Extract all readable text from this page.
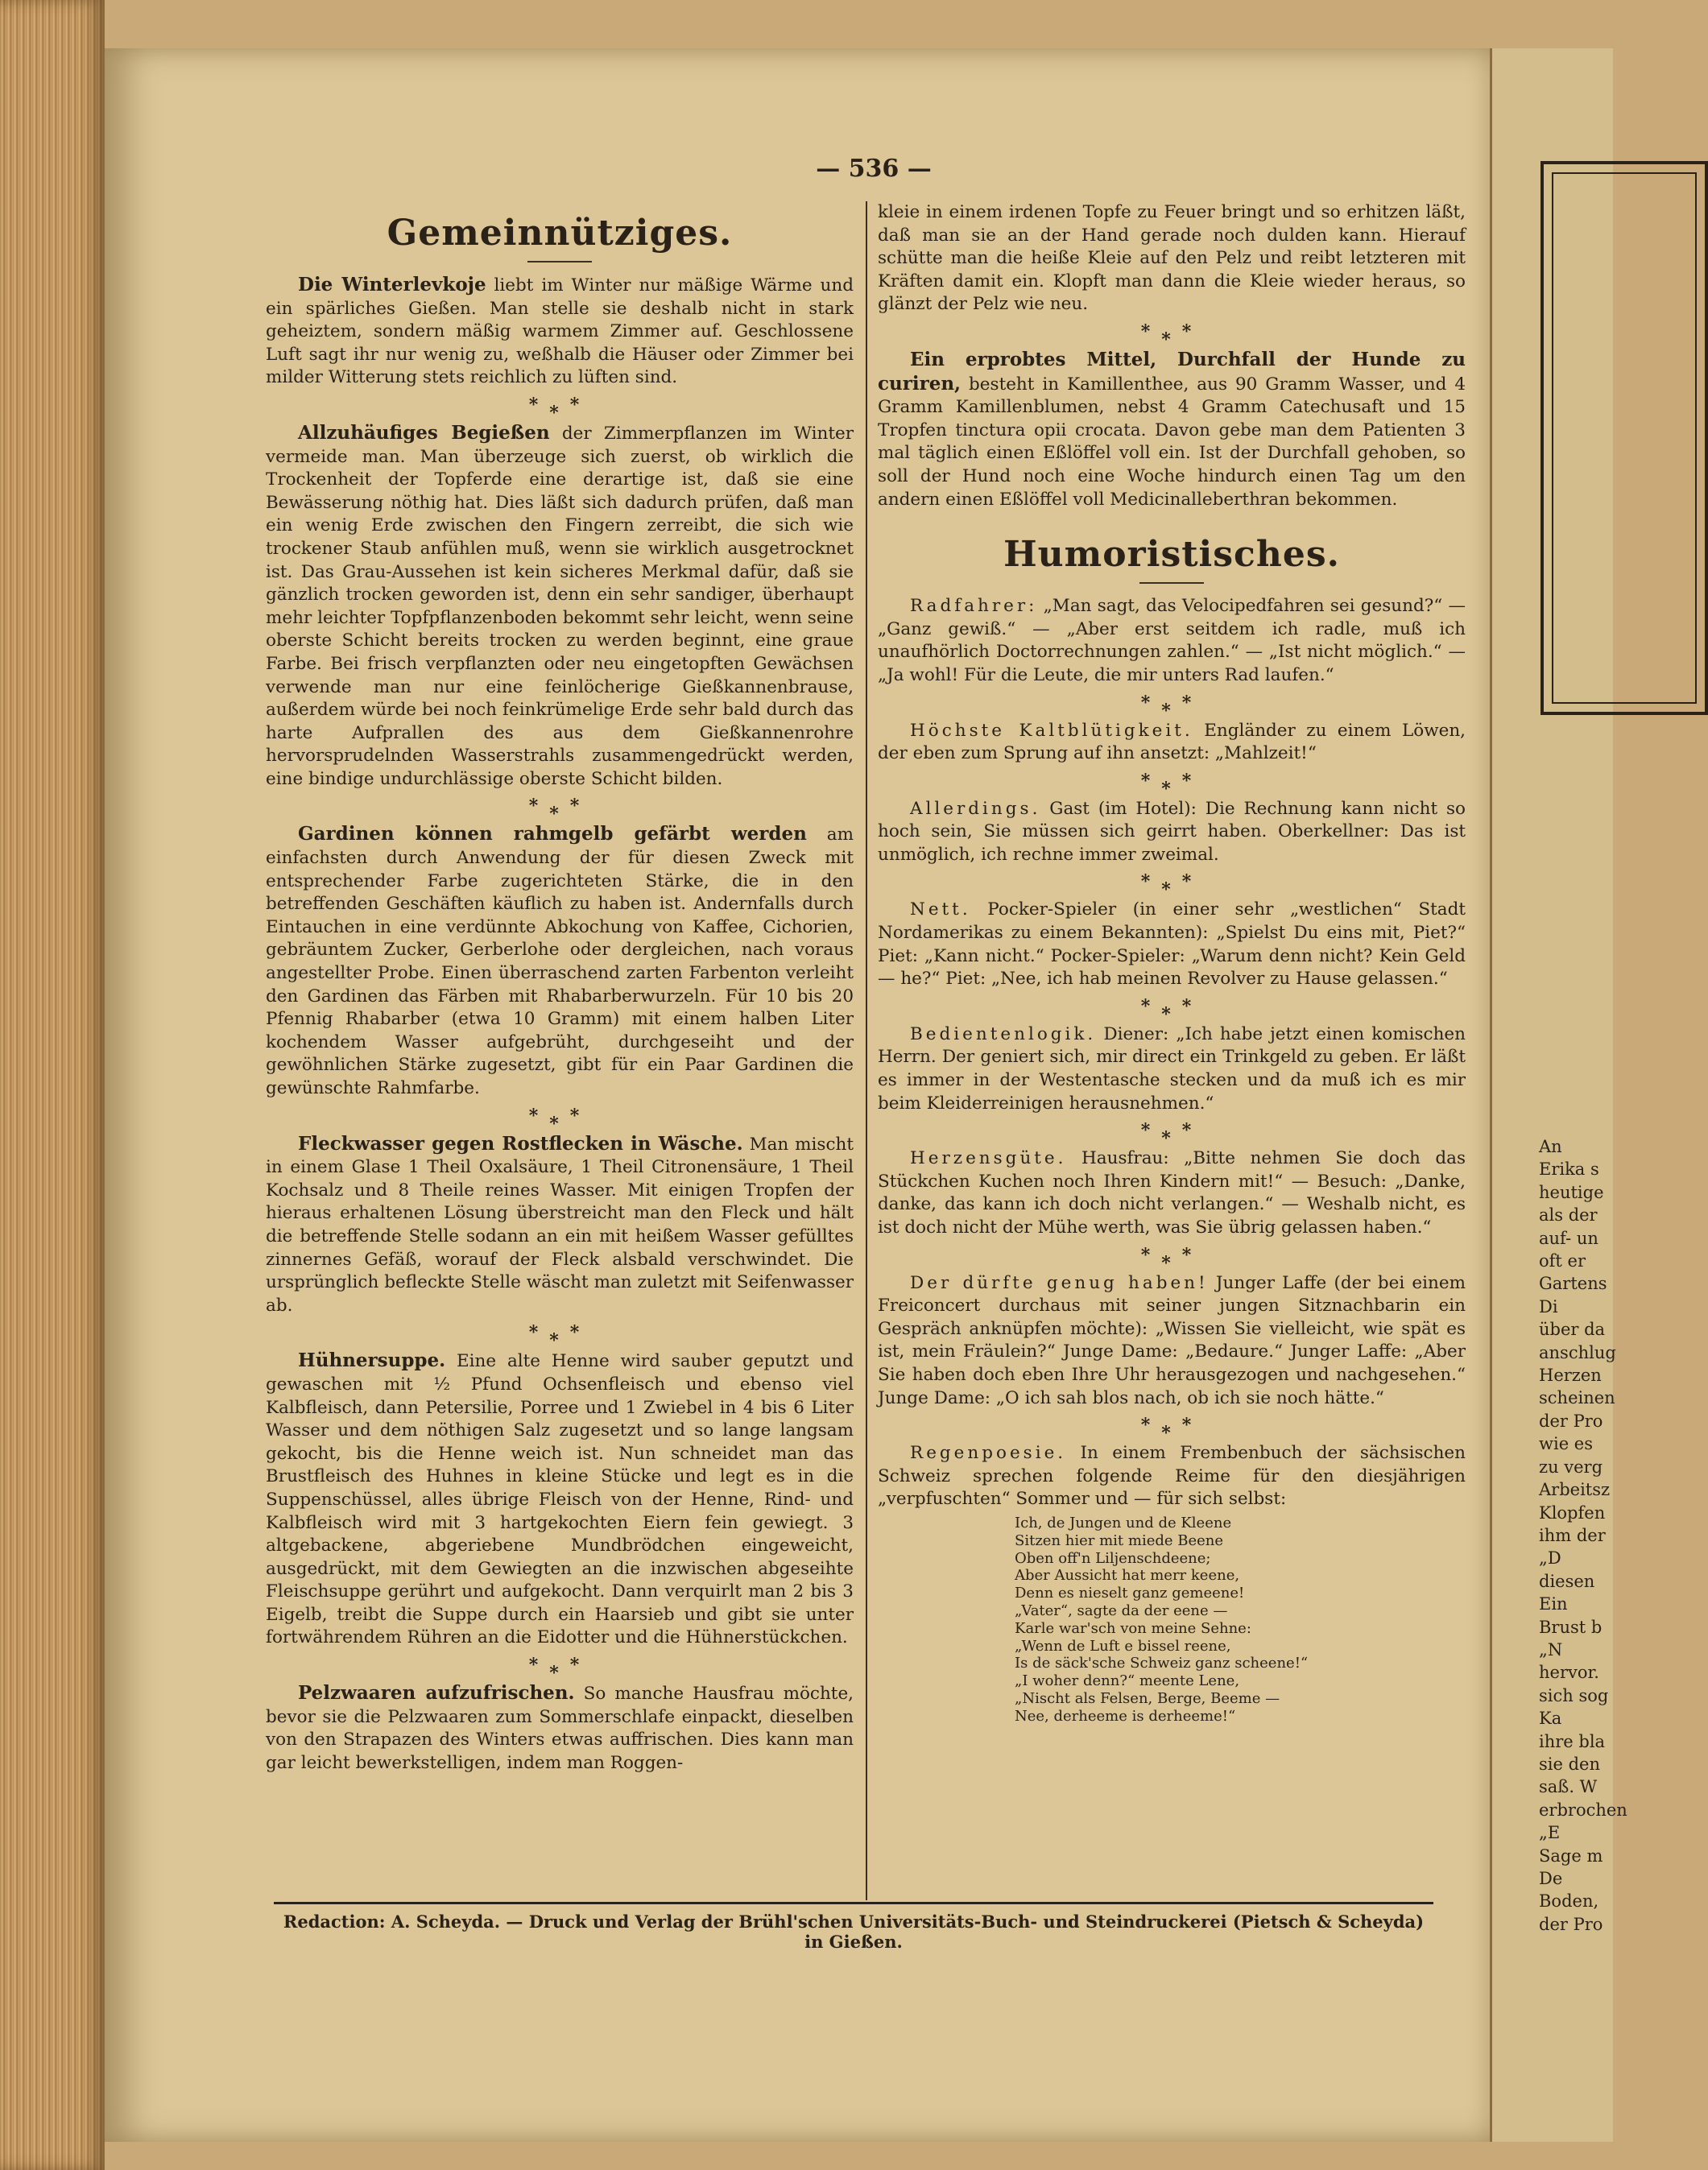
An
Erika s
heutige
als der
auf- un
oft er
Gartens
Di
über da
anschlug
Herzen
scheinen
der Pro
wie es
zu verg
Arbeitsz
Klopfen
ihm der
„D
diesen
Ein
Brust b
„N
hervor.
sich sog
Ka
ihre bla
sie den
saß. W
erbrochen
„E
Sage m
De
Boden,
der Pro
— 536 —
Gemeinnütziges.

Die Winterlevkoje liebt im Winter nur mäßige Wärme und ein spärliches Gießen. Man stelle sie deshalb nicht in stark geheiztem, sondern mäßig warmem Zimmer auf. Geschlossene Luft sagt ihr nur wenig zu, weßhalb die Häuser oder Zimmer bei milder Witterung stets reichlich zu lüften sind.

***

Allzuhäufiges Begießen der Zimmerpflanzen im Winter vermeide man. Man überzeuge sich zuerst, ob wirklich die Trockenheit der Topferde eine derartige ist, daß sie eine Bewässerung nöthig hat. Dies läßt sich dadurch prüfen, daß man ein wenig Erde zwischen den Fingern zerreibt, die sich wie trockener Staub anfühlen muß, wenn sie wirklich ausgetrocknet ist. Das Grau-Aussehen ist kein sicheres Merkmal dafür, daß sie gänzlich trocken geworden ist, denn ein sehr sandiger, überhaupt mehr leichter Topfpflanzenboden bekommt sehr leicht, wenn seine oberste Schicht bereits trocken zu werden beginnt, eine graue Farbe. Bei frisch verpflanzten oder neu eingetopften Gewächsen verwende man nur eine feinlöcherige Gießkannenbrause, außerdem würde bei noch feinkrümelige Erde sehr bald durch das harte Aufprallen des aus dem Gießkannenrohre hervorsprudelnden Wasserstrahls zusammengedrückt werden, eine bindige undurchlässige oberste Schicht bilden.

***

Gardinen können rahmgelb gefärbt werden am einfachsten durch Anwendung der für diesen Zweck mit entsprechender Farbe zugerichteten Stärke, die in den betreffenden Geschäften käuflich zu haben ist. Andernfalls durch Eintauchen in eine verdünnte Abkochung von Kaffee, Cichorien, gebräuntem Zucker, Gerberlohe oder dergleichen, nach voraus angestellter Probe. Einen überraschend zarten Farbenton verleiht den Gardinen das Färben mit Rhabarberwurzeln. Für 10 bis 20 Pfennig Rhabarber (etwa 10 Gramm) mit einem halben Liter kochendem Wasser aufgebrüht, durchgeseiht und der gewöhnlichen Stärke zugesetzt, gibt für ein Paar Gardinen die gewünschte Rahmfarbe.

***

Fleckwasser gegen Rostflecken in Wäsche. Man mischt in einem Glase 1 Theil Oxalsäure, 1 Theil Citronensäure, 1 Theil Kochsalz und 8 Theile reines Wasser. Mit einigen Tropfen der hieraus erhaltenen Lösung überstreicht man den Fleck und hält die betreffende Stelle sodann an ein mit heißem Wasser gefülltes zinnernes Gefäß, worauf der Fleck alsbald verschwindet. Die ursprünglich befleckte Stelle wäscht man zuletzt mit Seifenwasser ab.

***

Hühnersuppe. Eine alte Henne wird sauber geputzt und gewaschen mit ½ Pfund Ochsenfleisch und ebenso viel Kalbfleisch, dann Petersilie, Porree und 1 Zwiebel in 4 bis 6 Liter Wasser und dem nöthigen Salz zugesetzt und so lange langsam gekocht, bis die Henne weich ist. Nun schneidet man das Brustfleisch des Huhnes in kleine Stücke und legt es in die Suppenschüssel, alles übrige Fleisch von der Henne, Rind- und Kalbfleisch wird mit 3 hartgekochten Eiern fein gewiegt. 3 altgebackene, abgeriebene Mundbrödchen eingeweicht, ausgedrückt, mit dem Gewiegten an die inzwischen abgeseihte Fleischsuppe gerührt und aufgekocht. Dann verquirlt man 2 bis 3 Eigelb, treibt die Suppe durch ein Haarsieb und gibt sie unter fortwährendem Rühren an die Eidotter und die Hühnerstückchen.

***

Pelzwaaren aufzufrischen. So manche Hausfrau möchte, bevor sie die Pelzwaaren zum Sommerschlafe einpackt, dieselben von den Strapazen des Winters etwas auffrischen. Dies kann man gar leicht bewerkstelligen, indem man Roggen-

kleie in einem irdenen Topfe zu Feuer bringt und so erhitzen läßt, daß man sie an der Hand gerade noch dulden kann. Hierauf schütte man die heiße Kleie auf den Pelz und reibt letzteren mit Kräften damit ein. Klopft man dann die Kleie wieder heraus, so glänzt der Pelz wie neu.

***

Ein erprobtes Mittel, Durchfall der Hunde zu curiren, besteht in Kamillenthee, aus 90 Gramm Wasser, und 4 Gramm Kamillenblumen, nebst 4 Gramm Catechusaft und 15 Tropfen tinctura opii crocata. Davon gebe man dem Patienten 3 mal täglich einen Eßlöffel voll ein. Ist der Durchfall gehoben, so soll der Hund noch eine Woche hindurch einen Tag um den andern einen Eßlöffel voll Medicinalleberthran bekommen.

Humoristisches.

Radfahrer: „Man sagt, das Velocipedfahren sei gesund?“ — „Ganz gewiß.“ — „Aber erst seitdem ich radle, muß ich unaufhörlich Doctorrechnungen zahlen.“ — „Ist nicht möglich.“ — „Ja wohl! Für die Leute, die mir unters Rad laufen.“

***

Höchste Kaltblütigkeit. Engländer zu einem Löwen, der eben zum Sprung auf ihn ansetzt: „Mahlzeit!“

***

Allerdings. Gast (im Hotel): Die Rechnung kann nicht so hoch sein, Sie müssen sich geirrt haben. Oberkellner: Das ist unmöglich, ich rechne immer zweimal.

***

Nett. Pocker-Spieler (in einer sehr „westlichen“ Stadt Nordamerikas zu einem Bekannten): „Spielst Du eins mit, Piet?“ Piet: „Kann nicht.“ Pocker-Spieler: „Warum denn nicht? Kein Geld — he?“ Piet: „Nee, ich hab meinen Revolver zu Hause gelassen.“

***

Bedientenlogik. Diener: „Ich habe jetzt einen komischen Herrn. Der geniert sich, mir direct ein Trinkgeld zu geben. Er läßt es immer in der Westentasche stecken und da muß ich es mir beim Kleiderreinigen herausnehmen.“

***

Herzensgüte. Hausfrau: „Bitte nehmen Sie doch das Stückchen Kuchen noch Ihren Kindern mit!“ — Besuch: „Danke, danke, das kann ich doch nicht verlangen.“ — Weshalb nicht, es ist doch nicht der Mühe werth, was Sie übrig gelassen haben.“

***

Der dürfte genug haben! Junger Laffe (der bei einem Freiconcert durchaus mit seiner jungen Sitznachbarin ein Gespräch anknüpfen möchte): „Wissen Sie vielleicht, wie spät es ist, mein Fräulein?“ Junge Dame: „Bedaure.“ Junger Laffe: „Aber Sie haben doch eben Ihre Uhr herausgezogen und nachgesehen.“ Junge Dame: „O ich sah blos nach, ob ich sie noch hätte.“

***

Regenpoesie. In einem Frembenbuch der sächsischen Schweiz sprechen folgende Reime für den diesjährigen „verpfuschten“ Sommer und — für sich selbst:

Ich, de Jungen und de Kleene
Sitzen hier mit miede Beene
Oben off'n Liljenschdeene;
Aber Aussicht hat merr keene,
Denn es nieselt ganz gemeene!
„Vater“, sagte da der eene —
Karle war'sch von meine Sehne:
„Wenn de Luft e bissel reene,
Is de säck'sche Schweiz ganz scheene!“
„I woher denn?“ meente Lene,
„Nischt als Felsen, Berge, Beeme —
Nee, derheeme is derheeme!“
Redaction: A. Scheyda. — Druck und Verlag der Brühl'schen Universitäts-Buch- und Steindruckerei (Pietsch & Scheyda) in Gießen.
